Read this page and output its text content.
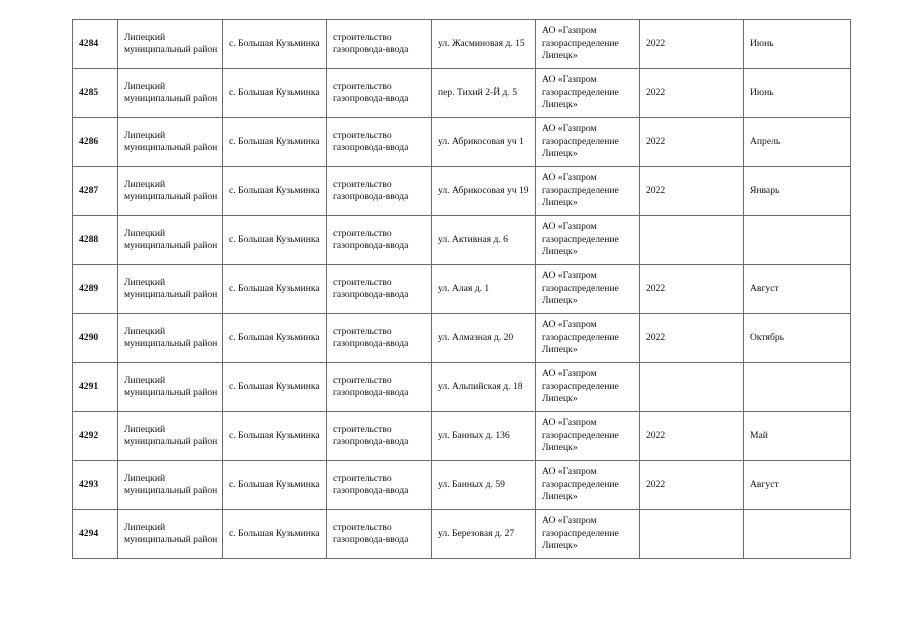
4284	Липецкий муниципальный район	с. Большая Кузьминка	строительство газопровода-ввода	ул. Жасминовая д. 15	АО «Газпром газораспределение Липецк»	2022	Июнь
4285	Липецкий муниципальный район	с. Большая Кузьминка	строительство газопровода-ввода	пер. Тихий 2-Й д. 5	АО «Газпром газораспределение Липецк»	2022	Июнь
4286	Липецкий муниципальный район	с. Большая Кузьминка	строительство газопровода-ввода	ул. Абрикосовая уч 1	АО «Газпром газораспределение Липецк»	2022	Апрель
4287	Липецкий муниципальный район	с. Большая Кузьминка	строительство газопровода-ввода	ул. Абрикосовая уч 19	АО «Газпром газораспределение Липецк»	2022	Январь
4288	Липецкий муниципальный район	с. Большая Кузьминка	строительство газопровода-ввода	ул. Активная д. 6	АО «Газпром газораспределение Липецк»		
4289	Липецкий муниципальный район	с. Большая Кузьминка	строительство газопровода-ввода	ул. Алая д. 1	АО «Газпром газораспределение Липецк»	2022	Август
4290	Липецкий муниципальный район	с. Большая Кузьминка	строительство газопровода-ввода	ул. Алмазная д. 20	АО «Газпром газораспределение Липецк»	2022	Октябрь
4291	Липецкий муниципальный район	с. Большая Кузьминка	строительство газопровода-ввода	ул. Альпийская д. 18	АО «Газпром газораспределение Липецк»		
4292	Липецкий муниципальный район	с. Большая Кузьминка	строительство газопровода-ввода	ул. Банных д. 136	АО «Газпром газораспределение Липецк»	2022	Май
4293	Липецкий муниципальный район	с. Большая Кузьминка	строительство газопровода-ввода	ул. Банных д. 59	АО «Газпром газораспределение Липецк»	2022	Август
4294	Липецкий муниципальный район	с. Большая Кузьминка	строительство газопровода-ввода	ул. Березовая д. 27	АО «Газпром газораспределение Липецк»		
